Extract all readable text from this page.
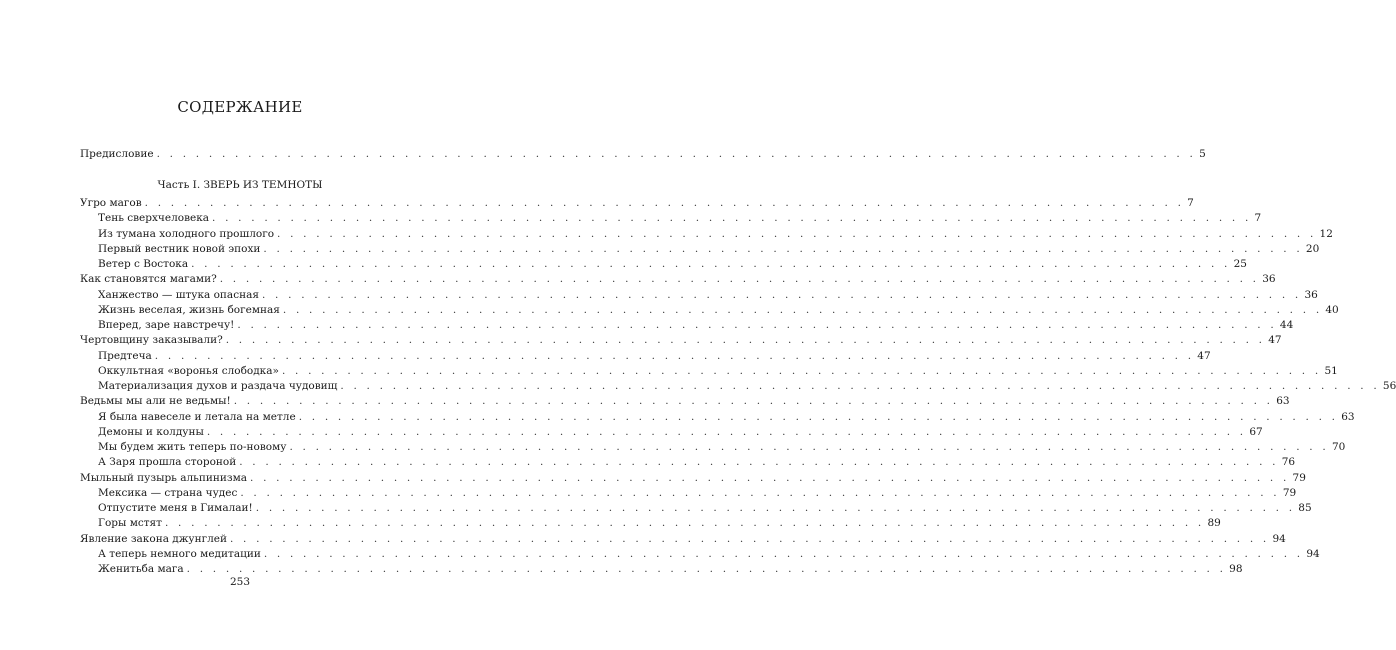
СОДЕРЖАНИЕ
Предисловие . . . . . . . . . . . . . . . . . . . . . . . . . . . . . . . . . . . . . . . . . . . . . . . . . . . . . . . . . . . . . . . . . . . . . . . . . . . . . . . . 5
Часть I. ЗВЕРЬ ИЗ ТЕМНОТЫ
Угро магов . . . . . . . . . . . . . . . . . . . . . . . . . . . . . . . . . . . . . . . . . . . . . . . . . . . . . . . . . . . . . . . . . . . . . . . . . . . . . . . . 7
Тень сверхчеловека . . . . . . . . . . . . . . . . . . . . . . . . . . . . . . . . . . . . . . . . . . . . . . . . . . . . . . . . . . . . . . . . . . . . . . . . . . . . . . . . 7
Из тумана холодного прошлого . . . . . . . . . . . . . . . . . . . . . . . . . . . . . . . . . . . . . . . . . . . . . . . . . . . . . . . . . . . . . . . . . . . . . . . . . . . . . . . . 12
Первый вестник новой эпохи . . . . . . . . . . . . . . . . . . . . . . . . . . . . . . . . . . . . . . . . . . . . . . . . . . . . . . . . . . . . . . . . . . . . . . . . . . . . . . . . 20
Ветер с Востока . . . . . . . . . . . . . . . . . . . . . . . . . . . . . . . . . . . . . . . . . . . . . . . . . . . . . . . . . . . . . . . . . . . . . . . . . . . . . . . . 25
Как становятся магами? . . . . . . . . . . . . . . . . . . . . . . . . . . . . . . . . . . . . . . . . . . . . . . . . . . . . . . . . . . . . . . . . . . . . . . . . . . . . . . . . 36
Ханжество — штука опасная . . . . . . . . . . . . . . . . . . . . . . . . . . . . . . . . . . . . . . . . . . . . . . . . . . . . . . . . . . . . . . . . . . . . . . . . . . . . . . . . 36
Жизнь веселая, жизнь богемная . . . . . . . . . . . . . . . . . . . . . . . . . . . . . . . . . . . . . . . . . . . . . . . . . . . . . . . . . . . . . . . . . . . . . . . . . . . . . . . . 40
Вперед, заре навстречу! . . . . . . . . . . . . . . . . . . . . . . . . . . . . . . . . . . . . . . . . . . . . . . . . . . . . . . . . . . . . . . . . . . . . . . . . . . . . . . . . 44
Чертовщину заказывали? . . . . . . . . . . . . . . . . . . . . . . . . . . . . . . . . . . . . . . . . . . . . . . . . . . . . . . . . . . . . . . . . . . . . . . . . . . . . . . . . 47
Предтеча . . . . . . . . . . . . . . . . . . . . . . . . . . . . . . . . . . . . . . . . . . . . . . . . . . . . . . . . . . . . . . . . . . . . . . . . . . . . . . . . 47
Оккультная «воронья слободка» . . . . . . . . . . . . . . . . . . . . . . . . . . . . . . . . . . . . . . . . . . . . . . . . . . . . . . . . . . . . . . . . . . . . . . . . . . . . . . . . 51
Материализация духов и раздача чудовищ . . . . . . . . . . . . . . . . . . . . . . . . . . . . . . . . . . . . . . . . . . . . . . . . . . . . . . . . . . . . . . . . . . . . . . . . . . . . . . . . 56
Ведьмы мы али не ведьмы! . . . . . . . . . . . . . . . . . . . . . . . . . . . . . . . . . . . . . . . . . . . . . . . . . . . . . . . . . . . . . . . . . . . . . . . . . . . . . . . . 63
Я была навеселе и летала на метле . . . . . . . . . . . . . . . . . . . . . . . . . . . . . . . . . . . . . . . . . . . . . . . . . . . . . . . . . . . . . . . . . . . . . . . . . . . . . . . . 63
Демоны и колдуны . . . . . . . . . . . . . . . . . . . . . . . . . . . . . . . . . . . . . . . . . . . . . . . . . . . . . . . . . . . . . . . . . . . . . . . . . . . . . . . . 67
Мы будем жить теперь по-новому . . . . . . . . . . . . . . . . . . . . . . . . . . . . . . . . . . . . . . . . . . . . . . . . . . . . . . . . . . . . . . . . . . . . . . . . . . . . . . . . 70
А Заря прошла стороной . . . . . . . . . . . . . . . . . . . . . . . . . . . . . . . . . . . . . . . . . . . . . . . . . . . . . . . . . . . . . . . . . . . . . . . . . . . . . . . . 76
Мыльный пузырь альпинизма . . . . . . . . . . . . . . . . . . . . . . . . . . . . . . . . . . . . . . . . . . . . . . . . . . . . . . . . . . . . . . . . . . . . . . . . . . . . . . . . 79
Мексика — страна чудес . . . . . . . . . . . . . . . . . . . . . . . . . . . . . . . . . . . . . . . . . . . . . . . . . . . . . . . . . . . . . . . . . . . . . . . . . . . . . . . . 79
Отпустите меня в Гималаи! . . . . . . . . . . . . . . . . . . . . . . . . . . . . . . . . . . . . . . . . . . . . . . . . . . . . . . . . . . . . . . . . . . . . . . . . . . . . . . . . 85
Горы мстят . . . . . . . . . . . . . . . . . . . . . . . . . . . . . . . . . . . . . . . . . . . . . . . . . . . . . . . . . . . . . . . . . . . . . . . . . . . . . . . . 89
Явление закона джунглей . . . . . . . . . . . . . . . . . . . . . . . . . . . . . . . . . . . . . . . . . . . . . . . . . . . . . . . . . . . . . . . . . . . . . . . . . . . . . . . . 94
А теперь немного медитации . . . . . . . . . . . . . . . . . . . . . . . . . . . . . . . . . . . . . . . . . . . . . . . . . . . . . . . . . . . . . . . . . . . . . . . . . . . . . . . . 94
Женитьба мага . . . . . . . . . . . . . . . . . . . . . . . . . . . . . . . . . . . . . . . . . . . . . . . . . . . . . . . . . . . . . . . . . . . . . . . . . . . . . . . . 98
253
